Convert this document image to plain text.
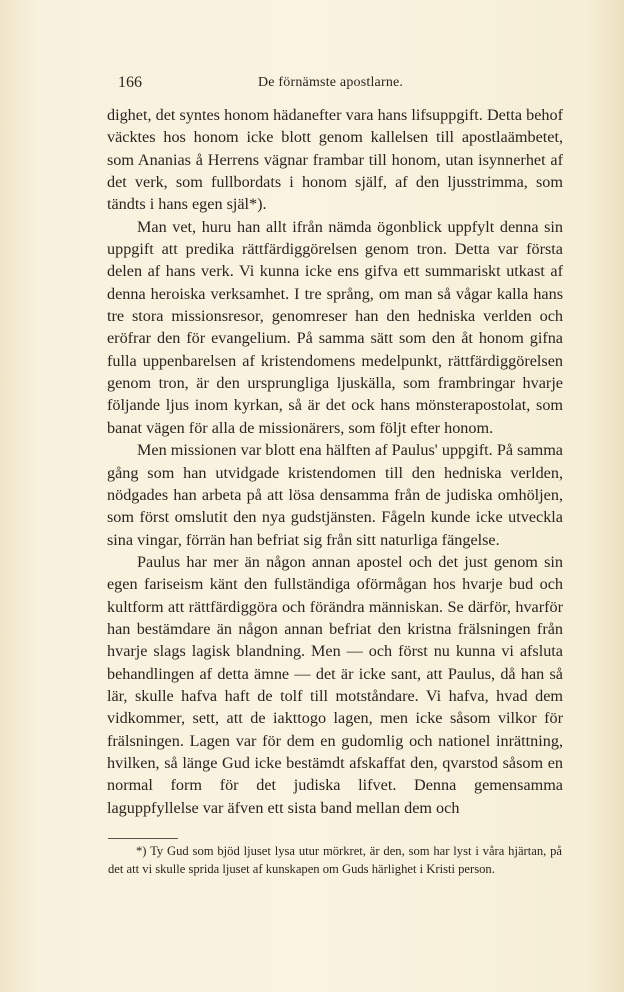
166	De förnämste apostlarne.

dighet, det syntes honom hädanefter vara hans lifsuppgift. Detta behof väcktes hos honom icke blott genom kallelsen till apostlaämbetet, som Ananias å Herrens vägnar frambar till honom, utan isynnerhet af det verk, som fullbordats i honom själf, af den ljusstrimma, som tändts i hans egen själ*).

Man vet, huru han allt ifrån nämda ögonblick uppfylt denna sin uppgift att predika rättfärdiggörelsen genom tron. Detta var första delen af hans verk. Vi kunna icke ens gifva ett summariskt utkast af denna heroiska verksamhet. I tre språng, om man så vågar kalla hans tre stora missionsresor, genomreser han den hedniska verlden och eröfrar den för evangelium. På samma sätt som den åt honom gifna fulla uppenbarelsen af kristendomens medelpunkt, rättfärdiggörelsen genom tron, är den ursprungliga ljuskälla, som frambringar hvarje följande ljus inom kyrkan, så är det ock hans mönsterapostolat, som banat vägen för alla de missionärers, som följt efter honom.

Men missionen var blott ena hälften af Paulus' uppgift. På samma gång som han utvidgade kristendomen till den hedniska verlden, nödgades han arbeta på att lösa densamma från de judiska omhöljen, som först omslutit den nya gudstjänsten. Fågeln kunde icke utveckla sina vingar, förrän han befriat sig från sitt naturliga fängelse.

Paulus har mer än någon annan apostel och det just genom sin egen fariseism känt den fullständiga oförmågan hos hvarje bud och kultform att rättfärdiggöra och förändra människan. Se därför, hvarför han bestämdare än någon annan befriat den kristna frälsningen från hvarje slags lagisk blandning. Men — och först nu kunna vi afsluta behandlingen af detta ämne — det är icke sant, att Paulus, då han så lär, skulle hafva haft de tolf till motståndare. Vi hafva, hvad dem vidkommer, sett, att de iakttogo lagen, men icke såsom vilkor för frälsningen. Lagen var för dem en gudomlig och nationel inrättning, hvilken, så länge Gud icke bestämdt afskaffat den, qvarstod såsom en normal form för det judiska lifvet. Denna gemensamma laguppfyllelse var äfven ett sista band mellan dem och

*) Ty Gud som bjöd ljuset lysa utur mörkret, är den, som har lyst i våra hjärtan, på det att vi skulle sprida ljuset af kunskapen om Guds härlighet i Kristi person.
